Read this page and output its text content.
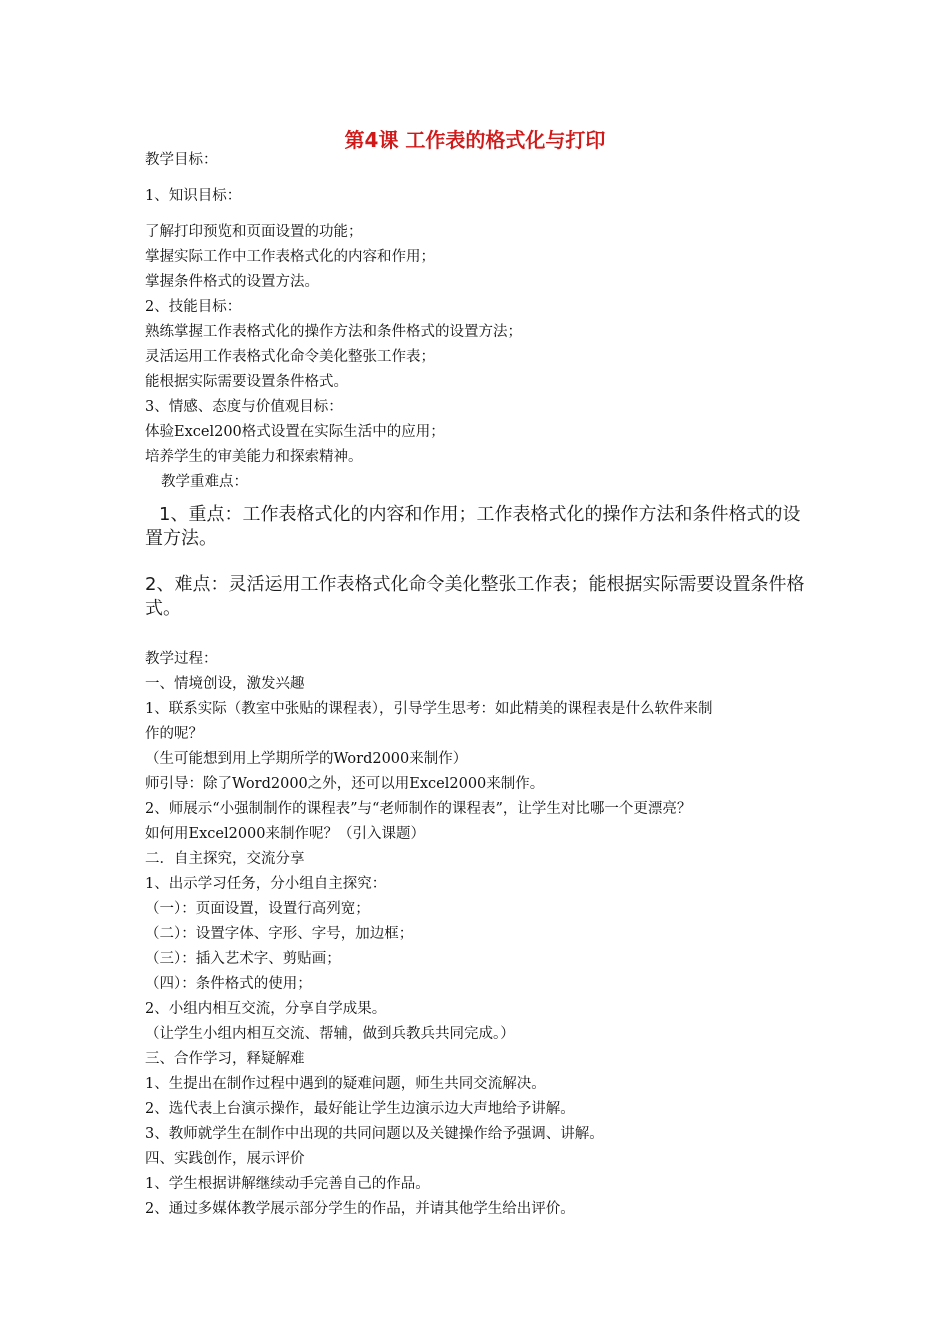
第4课 工作表的格式化与打印
教学目标：
1、知识目标：
了解打印预览和页面设置的功能；
掌握实际工作中工作表格式化的内容和作用；
掌握条件格式的设置方法。
2、技能目标：
熟练掌握工作表格式化的操作方法和条件格式的设置方法；
灵活运用工作表格式化命令美化整张工作表；
能根据实际需要设置条件格式。
3、情感、态度与价值观目标：
体验Excel200格式设置在实际生活中的应用；
培养学生的审美能力和探索精神。
教学重难点：
1、重点：工作表格式化的内容和作用；工作表格式化的操作方法和条件格式的设置方法。
2、难点：灵活运用工作表格式化命令美化整张工作表；能根据实际需要设置条件格式。
教学过程：
一、情境创设，激发兴趣
1、联系实际（教室中张贴的课程表），引导学生思考：如此精美的课程表是什么软件来制
作的呢？
（生可能想到用上学期所学的Word2000来制作）
师引导：除了Word2000之外，还可以用Excel2000来制作。
2、师展示“小强制制作的课程表”与“老师制作的课程表”，让学生对比哪一个更漂亮？
如何用Excel2000来制作呢？（引入课题）
二．自主探究，交流分享
1、出示学习任务，分小组自主探究：
（一）：页面设置，设置行高列宽；
（二）：设置字体、字形、字号，加边框；
（三）：插入艺术字、剪贴画；
（四）：条件格式的使用；
2、小组内相互交流，分享自学成果。
（让学生小组内相互交流、帮辅，做到兵教兵共同完成。）
三、合作学习，释疑解难
1、生提出在制作过程中遇到的疑难问题，师生共同交流解决。
2、选代表上台演示操作，最好能让学生边演示边大声地给予讲解。
3、教师就学生在制作中出现的共同问题以及关键操作给予强调、讲解。
四、实践创作，展示评价
1、学生根据讲解继续动手完善自己的作品。
2、通过多媒体教学展示部分学生的作品，并请其他学生给出评价。
